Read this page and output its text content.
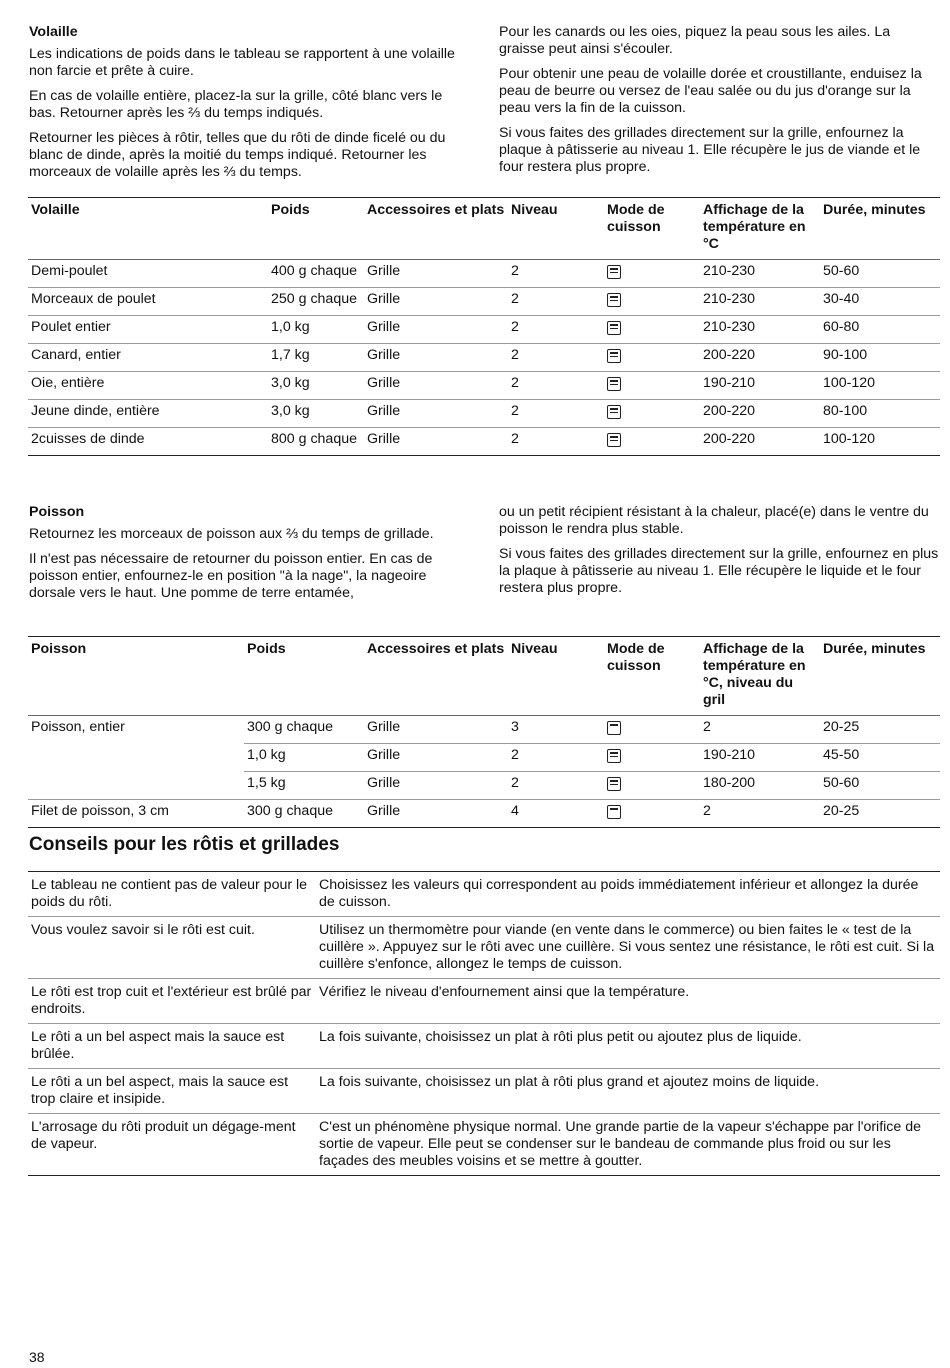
Volaille

Les indications de poids dans le tableau se rapportent à une volaille non farcie et prête à cuire.

En cas de volaille entière, placez-la sur la grille, côté blanc vers le bas. Retourner après les ⅔ du temps indiqués.

Retourner les pièces à rôtir, telles que du rôti de dinde ficelé ou du blanc de dinde, après la moitié du temps indiqué. Retourner les morceaux de volaille après les ⅔ du temps.

Pour les canards ou les oies, piquez la peau sous les ailes. La graisse peut ainsi s'écouler.

Pour obtenir une peau de volaille dorée et croustillante, enduisez la peau de beurre ou versez de l'eau salée ou du jus d'orange sur la peau vers la fin de la cuisson.

Si vous faites des grillades directement sur la grille, enfournez la plaque à pâtisserie au niveau 1. Elle récupère le jus de viande et le four restera plus propre.

Volaille	Poids	Accessoires et plats	Niveau	Mode de cuisson	Affichage de la température en °C	Durée, minutes
Demi-poulet	400 g chaque	Grille	2		210-230	50-60
Morceaux de poulet	250 g chaque	Grille	2		210-230	30-40
Poulet entier	1,0 kg	Grille	2		210-230	60-80
Canard, entier	1,7 kg	Grille	2		200-220	90-100
Oie, entière	3,0 kg	Grille	2		190-210	100-120
Jeune dinde, entière	3,0 kg	Grille	2		200-220	80-100
2cuisses de dinde	800 g chaque	Grille	2		200-220	100-120
Poisson

Retournez les morceaux de poisson aux ⅔ du temps de grillade.

Il n'est pas nécessaire de retourner du poisson entier. En cas de poisson entier, enfournez-le en position "à la nage", la nageoire dorsale vers le haut. Une pomme de terre entamée,

ou un petit récipient résistant à la chaleur, placé(e) dans le ventre du poisson le rendra plus stable.

Si vous faites des grillades directement sur la grille, enfournez en plus la plaque à pâtisserie au niveau 1. Elle récupère le liquide et le four restera plus propre.

Poisson	Poids	Accessoires et plats	Niveau	Mode de cuisson	Affichage de la température en °C, niveau du gril	Durée, minutes
Poisson, entier	300 g chaque	Grille	3		2	20-25
	1,0 kg	Grille	2		190-210	45-50
	1,5 kg	Grille	2		180-200	50-60
Filet de poisson, 3 cm	300 g chaque	Grille	4		2	20-25
Conseils pour les rôtis et grillades
Le tableau ne contient pas de valeur pour le poids du rôti.	Choisissez les valeurs qui correspondent au poids immédiatement inférieur et allongez la durée de cuisson.
Vous voulez savoir si le rôti est cuit.	Utilisez un thermomètre pour viande (en vente dans le commerce) ou bien faites le « test de la cuillère ». Appuyez sur le rôti avec une cuillère. Si vous sentez une résistance, le rôti est cuit. Si la cuillère s'enfonce, allongez le temps de cuisson.
Le rôti est trop cuit et l'extérieur est brûlé par endroits.	Vérifiez le niveau d'enfournement ainsi que la température.
Le rôti a un bel aspect mais la sauce est brûlée.	La fois suivante, choisissez un plat à rôti plus petit ou ajoutez plus de liquide.
Le rôti a un bel aspect, mais la sauce est trop claire et insipide.	La fois suivante, choisissez un plat à rôti plus grand et ajoutez moins de liquide.
L'arrosage du rôti produit un dégage-ment de vapeur.	C'est un phénomène physique normal. Une grande partie de la vapeur s'échappe par l'orifice de sortie de vapeur. Elle peut se condenser sur le bandeau de commande plus froid ou sur les façades des meubles voisins et se mettre à goutter.
38
